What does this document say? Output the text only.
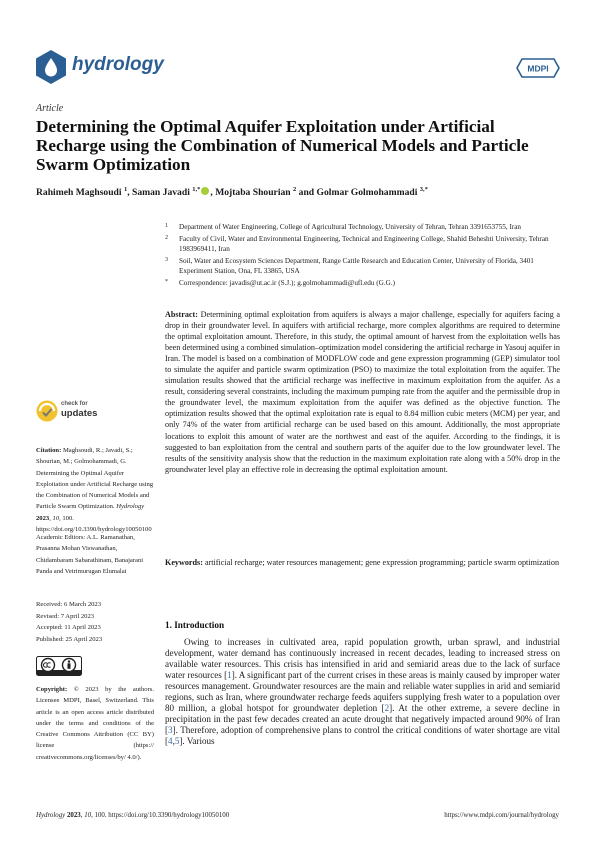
hydrology	MDPI
Article
Determining the Optimal Aquifer Exploitation under Artificial Recharge using the Combination of Numerical Models and Particle Swarm Optimization
Rahimeh Maghsoudi $^1$, Saman Javadi $^{1,*}$ , Mojtaba Shourian $^2$ and Golmar Golmohammadi $^{3,*}$
1 Department of Water Engineering, College of Agricultural Technology, University of Tehran, Tehran 3391653755, Iran
2 Faculty of Civil, Water and Environmental Engineering, Technical and Engineering College, Shahid Beheshti University, Tehran 1983969411, Iran
3 Soil, Water and Ecosystem Sciences Department, Range Cattle Research and Education Center, University of Florida, 3401 Experiment Station, Ona, FL 33865, USA
* Correspondence: javadis@ut.ac.ir (S.J.); g.golmohammadi@ufl.edu (G.G.)
Abstract: Determining optimal exploitation from aquifers is always a major challenge, especially for aquifers facing a drop in their groundwater level. In aquifers with artificial recharge, more complex algorithms are required to determine the optimal exploitation amount. Therefore, in this study, the optimal amount of harvest from the exploitation wells has been determined using a combined simulation–optimization model considering the artificial recharge in Yasouj aquifer in Iran. The model is based on a combination of MODFLOW code and gene expression programming (GEP) simulator tool to simulate the aquifer and particle swarm optimization (PSO) to maximize the total exploitation from the aquifer. The simulation results showed that the artificial recharge was ineffective in maximum exploitation from the aquifer. As a result, considering several constraints, including the maximum pumping rate from the aquifer and the permissible drop in the groundwater level, the maximum exploitation from the aquifer was defined as the objective function. The optimization results showed that the optimal exploitation rate is equal to 8.84 million cubic meters (MCM) per year, and only 74% of the water from artificial recharge can be used based on this amount. Additionally, the most appropriate locations to exploit this amount of water are the northwest and east of the aquifer. According to the findings, it is suggested to ban exploitation from the central and southern parts of the aquifer due to the low groundwater level. The results of the sensitivity analysis show that the reduction in the maximum exploitation rate along with a 50% drop in the groundwater level play an effective role in decreasing the optimal exploitation amount.
Keywords: artificial recharge; water resources management; gene expression programming; particle swarm optimization
check for
updates
Citation: Maghsoudi, R.; Javadi, S.; Shourian, M.; Golmohammadi, G. Determining the Optimal Aquifer Exploitation under Artificial Recharge using the Combination of Numerical Models and Particle Swarm Optimization. Hydrology 2023, 10, 100. https://doi.org/10.3390/hydrology10050100
Academic Editors: A.L. Ramanathan, Prasanna Mohan Viswanathan, Chidambaram Sabarathinam, Banajarani Panda and Vetrimurugan Elumalai
Received: 6 March 2023
Revised: 7 April 2023
Accepted: 11 April 2023
Published: 25 April 2023
Copyright: © 2023 by the authors. Licensee MDPI, Basel, Switzerland. This article is an open access article distributed under the terms and conditions of the Creative Commons Attribution (CC BY) license (https:// creativecommons.org/licenses/by/ 4.0/).
1. Introduction
Owing to increases in cultivated area, rapid population growth, urban sprawl, and industrial development, water demand has continuously increased in recent decades, leading to increased stress on available water resources. This crisis has intensified in arid and semiarid areas due to the lack of surface water resources [1]. A significant part of the current crises in these areas is mainly caused by improper water resources management. Groundwater resources are the main and reliable water supplies in arid and semiarid regions, such as Iran, where groundwater recharge feeds aquifers supplying fresh water to a population over 80 million, a global hotspot for groundwater depletion [2]. At the other extreme, a severe decline in precipitation in the past few decades created an acute drought that negatively impacted around 90% of Iran [3]. Therefore, adoption of comprehensive plans to control the critical conditions of water shortage are vital [4,5]. Various
Hydrology 2023, 10, 100. https://doi.org/10.3390/hydrology10050100	https://www.mdpi.com/journal/hydrology
